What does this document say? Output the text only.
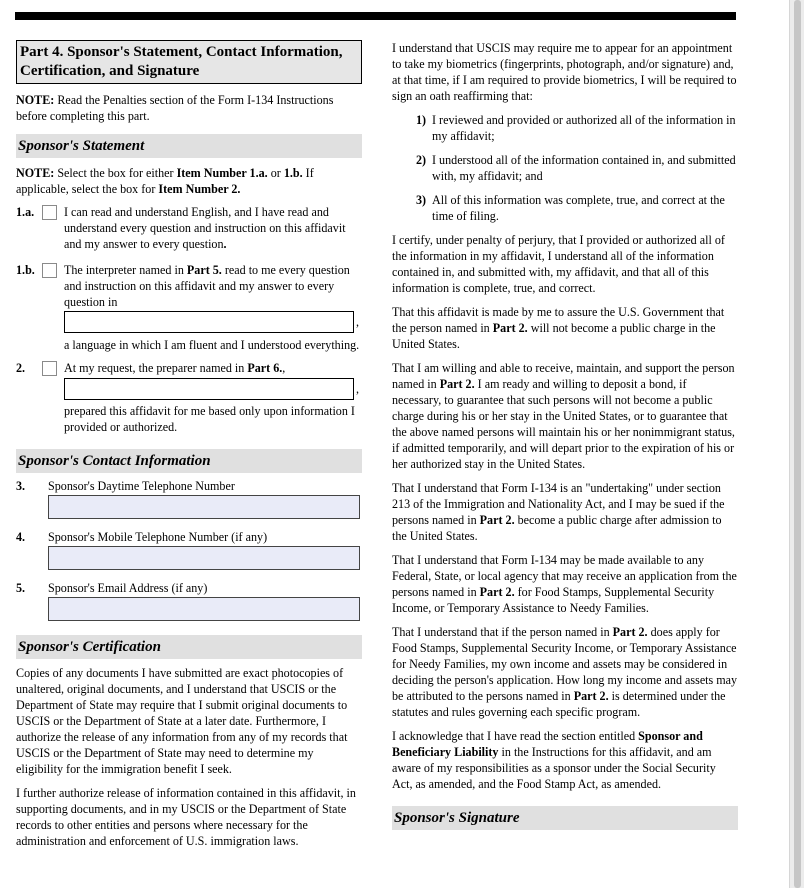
Part 4. Sponsor's Statement, Contact Information, Certification, and Signature

NOTE: Read the Penalties section of the Form I-134 Instructions before completing this part.

Sponsor's Statement

NOTE: Select the box for either Item Number 1.a. or 1.b. If applicable, select the box for Item Number 2.

1.a. I can read and understand English, and I have read and understand every question and instruction on this affidavit and my answer to every question.
1.b. The interpreter named in Part 5. read to me every question and instruction on this affidavit and my answer to every question in
,
a language in which I am fluent and I understood everything.
2.	At my request, the preparer named in Part 6.,
,
prepared this affidavit for me based only upon information I provided or authorized.
Sponsor's Contact Information
3. Sponsor's Daytime Telephone Number
4. Sponsor's Mobile Telephone Number (if any)
5. Sponsor's Email Address (if any)
Sponsor's Certification

Copies of any documents I have submitted are exact photocopies of unaltered, original documents, and I understand that USCIS or the Department of State may require that I submit original documents to USCIS or the Department of State at a later date. Furthermore, I authorize the release of any information from any of my records that USCIS or the Department of State may need to determine my eligibility for the immigration benefit I seek.

I further authorize release of information contained in this affidavit, in supporting documents, and in my USCIS or the Department of State records to other entities and persons where necessary for the administration and enforcement of U.S. immigration laws.

I understand that USCIS may require me to appear for an appointment to take my biometrics (fingerprints, photograph, and/or signature) and, at that time, if I am required to provide biometrics, I will be required to sign an oath reaffirming that:

1) I reviewed and provided or authorized all of the information in my affidavit;
2) I understood all of the information contained in, and submitted with, my affidavit; and
3) All of this information was complete, true, and correct at the time of filing.

I certify, under penalty of perjury, that I provided or authorized all of the information in my affidavit, I understand all of the information contained in, and submitted with, my affidavit, and that all of this information is complete, true, and correct.

That this affidavit is made by me to assure the U.S. Government that the person named in Part 2. will not become a public charge in the United States.

That I am willing and able to receive, maintain, and support the person named in Part 2. I am ready and willing to deposit a bond, if necessary, to guarantee that such persons will not become a public charge during his or her stay in the United States, or to guarantee that the above named persons will maintain his or her nonimmigrant status, if admitted temporarily, and will depart prior to the expiration of his or her authorized stay in the United States.

That I understand that Form I-134 is an "undertaking" under section 213 of the Immigration and Nationality Act, and I may be sued if the persons named in Part 2. become a public charge after admission to the United States.

That I understand that Form I-134 may be made available to any Federal, State, or local agency that may receive an application from the persons named in Part 2. for Food Stamps, Supplemental Security Income, or Temporary Assistance to Needy Families.

That I understand that if the person named in Part 2. does apply for Food Stamps, Supplemental Security Income, or Temporary Assistance for Needy Families, my own income and assets may be considered in deciding the person's application. How long my income and assets may be attributed to the persons named in Part 2. is determined under the statutes and rules governing each specific program.

I acknowledge that I have read the section entitled Sponsor and Beneficiary Liability in the Instructions for this affidavit, and am aware of my responsibilities as a sponsor under the Social Security Act, as amended, and the Food Stamp Act, as amended.

Sponsor's Signature
